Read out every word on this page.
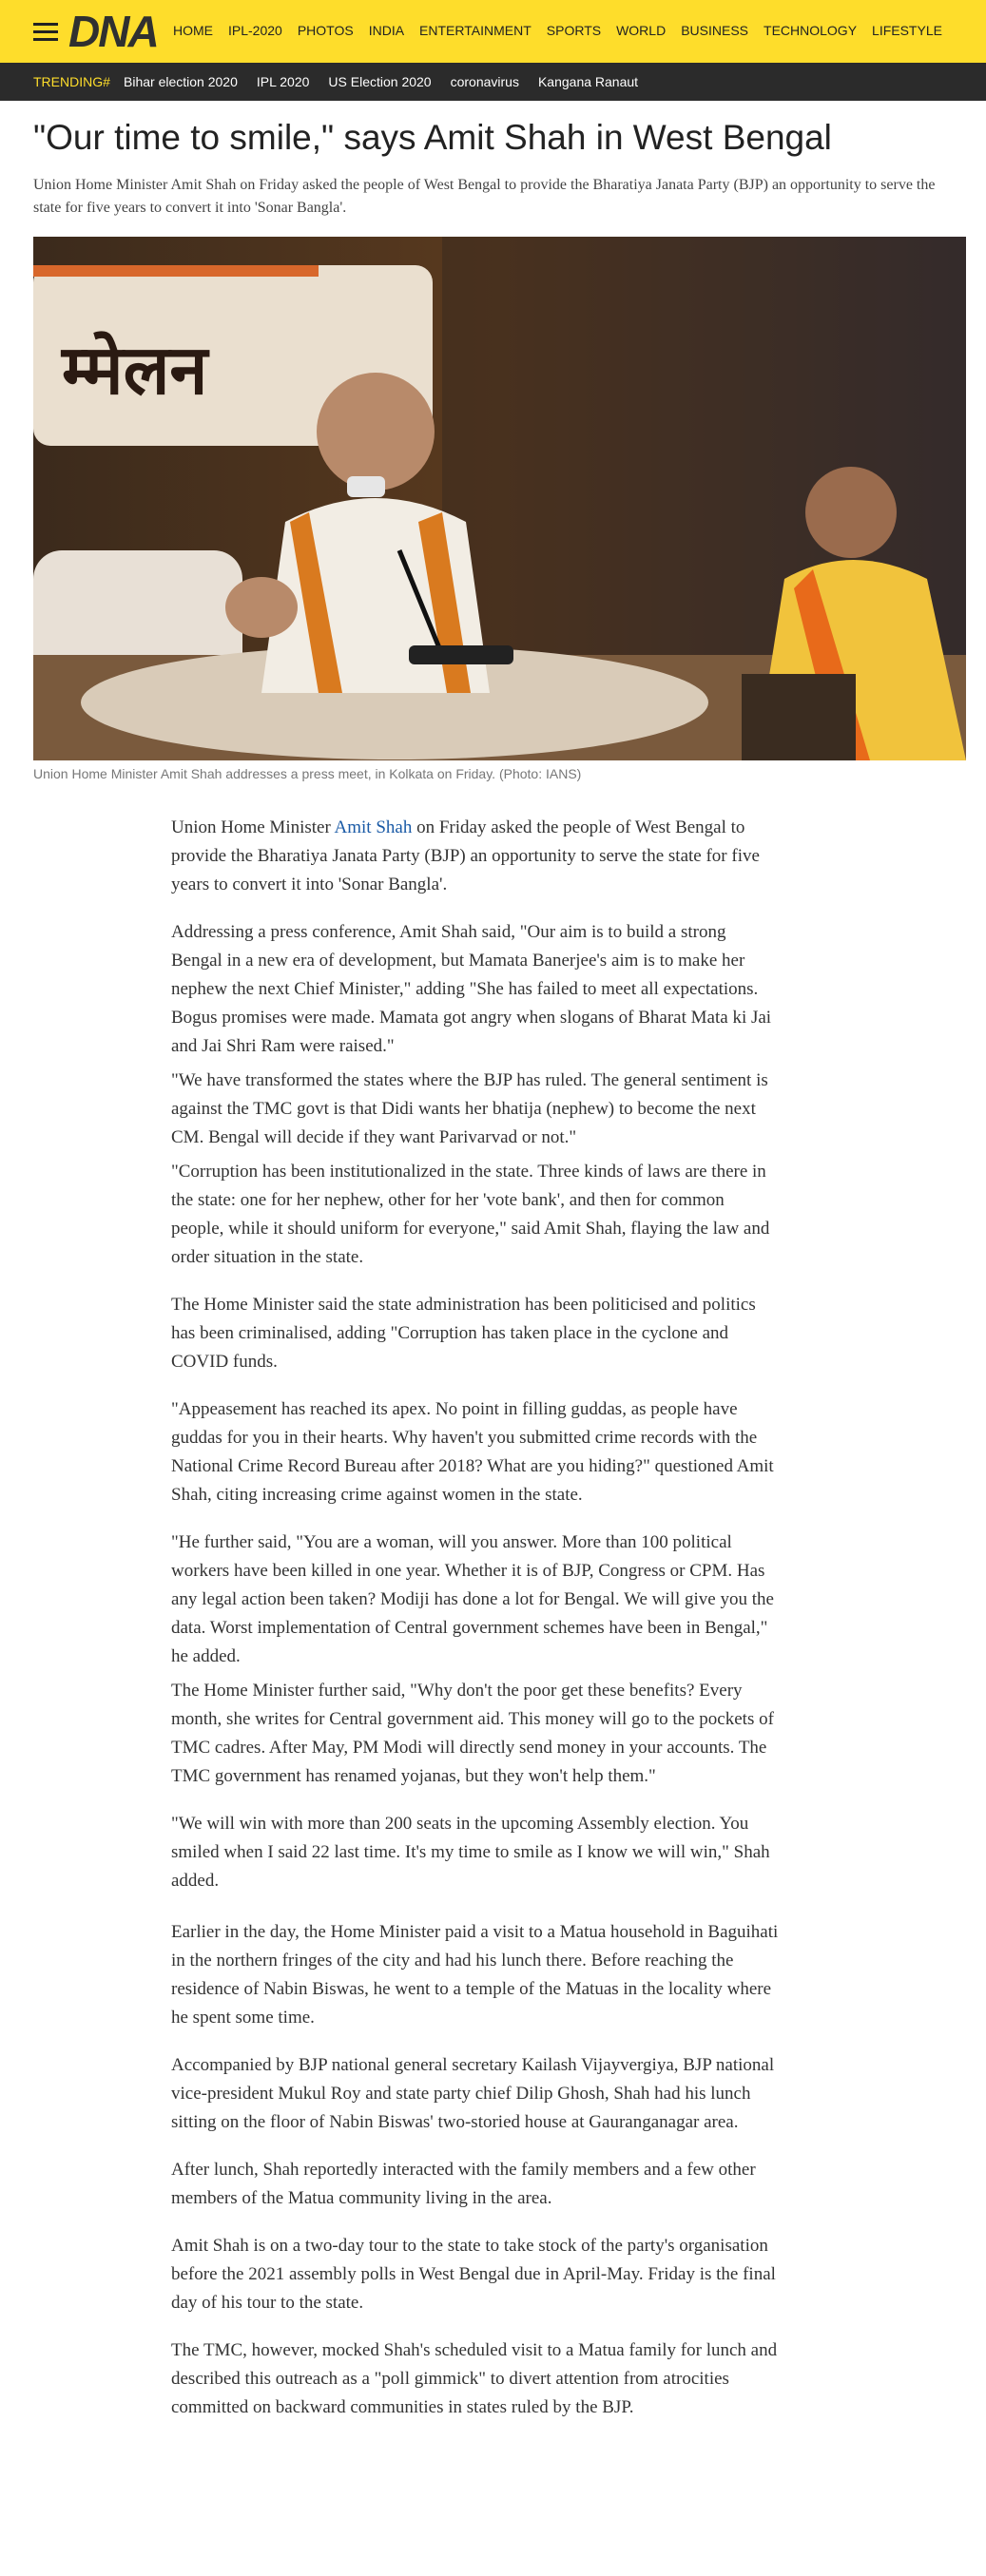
DNA HOME IPL-2020 PHOTOS INDIA ENTERTAINMENT SPORTS WORLD BUSINESS TECHNOLOGY LIFESTYLE
TRENDING# Bihar election 2020 IPL 2020 US Election 2020 coronavirus Kangana Ranaut
"Our time to smile," says Amit Shah in West Bengal

Union Home Minister Amit Shah on Friday asked the people of West Bengal to provide the Bharatiya Janata Party (BJP) an opportunity to serve the state for five years to convert it into 'Sonar Bangla'.

म्मेलन
Union Home Minister Amit Shah addresses a press meet, in Kolkata on Friday. (Photo: IANS)

Union Home Minister Amit Shah on Friday asked the people of West Bengal to provide the Bharatiya Janata Party (BJP) an opportunity to serve the state for five years to convert it into 'Sonar Bangla'.

Addressing a press conference, Amit Shah said, "Our aim is to build a strong Bengal in a new era of development, but Mamata Banerjee's aim is to make her nephew the next Chief Minister," adding "She has failed to meet all expectations. Bogus promises were made. Mamata got angry when slogans of Bharat Mata ki Jai and Jai Shri Ram were raised."

"We have transformed the states where the BJP has ruled. The general sentiment is against the TMC govt is that Didi wants her bhatija (nephew) to become the next CM. Bengal will decide if they want Parivarvad or not."

"Corruption has been institutionalized in the state. Three kinds of laws are there in the state: one for her nephew, other for her 'vote bank', and then for common people, while it should uniform for everyone," said Amit Shah, flaying the law and order situation in the state.

The Home Minister said the state administration has been politicised and politics has been criminalised, adding "Corruption has taken place in the cyclone and COVID funds.

"Appeasement has reached its apex. No point in filling guddas, as people have guddas for you in their hearts. Why haven't you submitted crime records with the National Crime Record Bureau after 2018? What are you hiding?" questioned Amit Shah, citing increasing crime against women in the state.

"He further said, "You are a woman, will you answer. More than 100 political workers have been killed in one year. Whether it is of BJP, Congress or CPM. Has any legal action been taken? Modiji has done a lot for Bengal. We will give you the data. Worst implementation of Central government schemes have been in Bengal," he added.

The Home Minister further said, "Why don't the poor get these benefits? Every month, she writes for Central government aid. This money will go to the pockets of TMC cadres. After May, PM Modi will directly send money in your accounts. The TMC government has renamed yojanas, but they won't help them."

"We will win with more than 200 seats in the upcoming Assembly election. You smiled when I said 22 last time. It's my time to smile as I know we will win," Shah added.

Earlier in the day, the Home Minister paid a visit to a Matua household in Baguihati in the northern fringes of the city and had his lunch there. Before reaching the residence of Nabin Biswas, he went to a temple of the Matuas in the locality where he spent some time.

Accompanied by BJP national general secretary Kailash Vijayvergiya, BJP national vice-president Mukul Roy and state party chief Dilip Ghosh, Shah had his lunch sitting on the floor of Nabin Biswas' two-storied house at Gauranganagar area.

After lunch, Shah reportedly interacted with the family members and a few other members of the Matua community living in the area.

Amit Shah is on a two-day tour to the state to take stock of the party's organisation before the 2021 assembly polls in West Bengal due in April-May. Friday is the final day of his tour to the state.

The TMC, however, mocked Shah's scheduled visit to a Matua family for lunch and described this outreach as a "poll gimmick" to divert attention from atrocities committed on backward communities in states ruled by the BJP.
